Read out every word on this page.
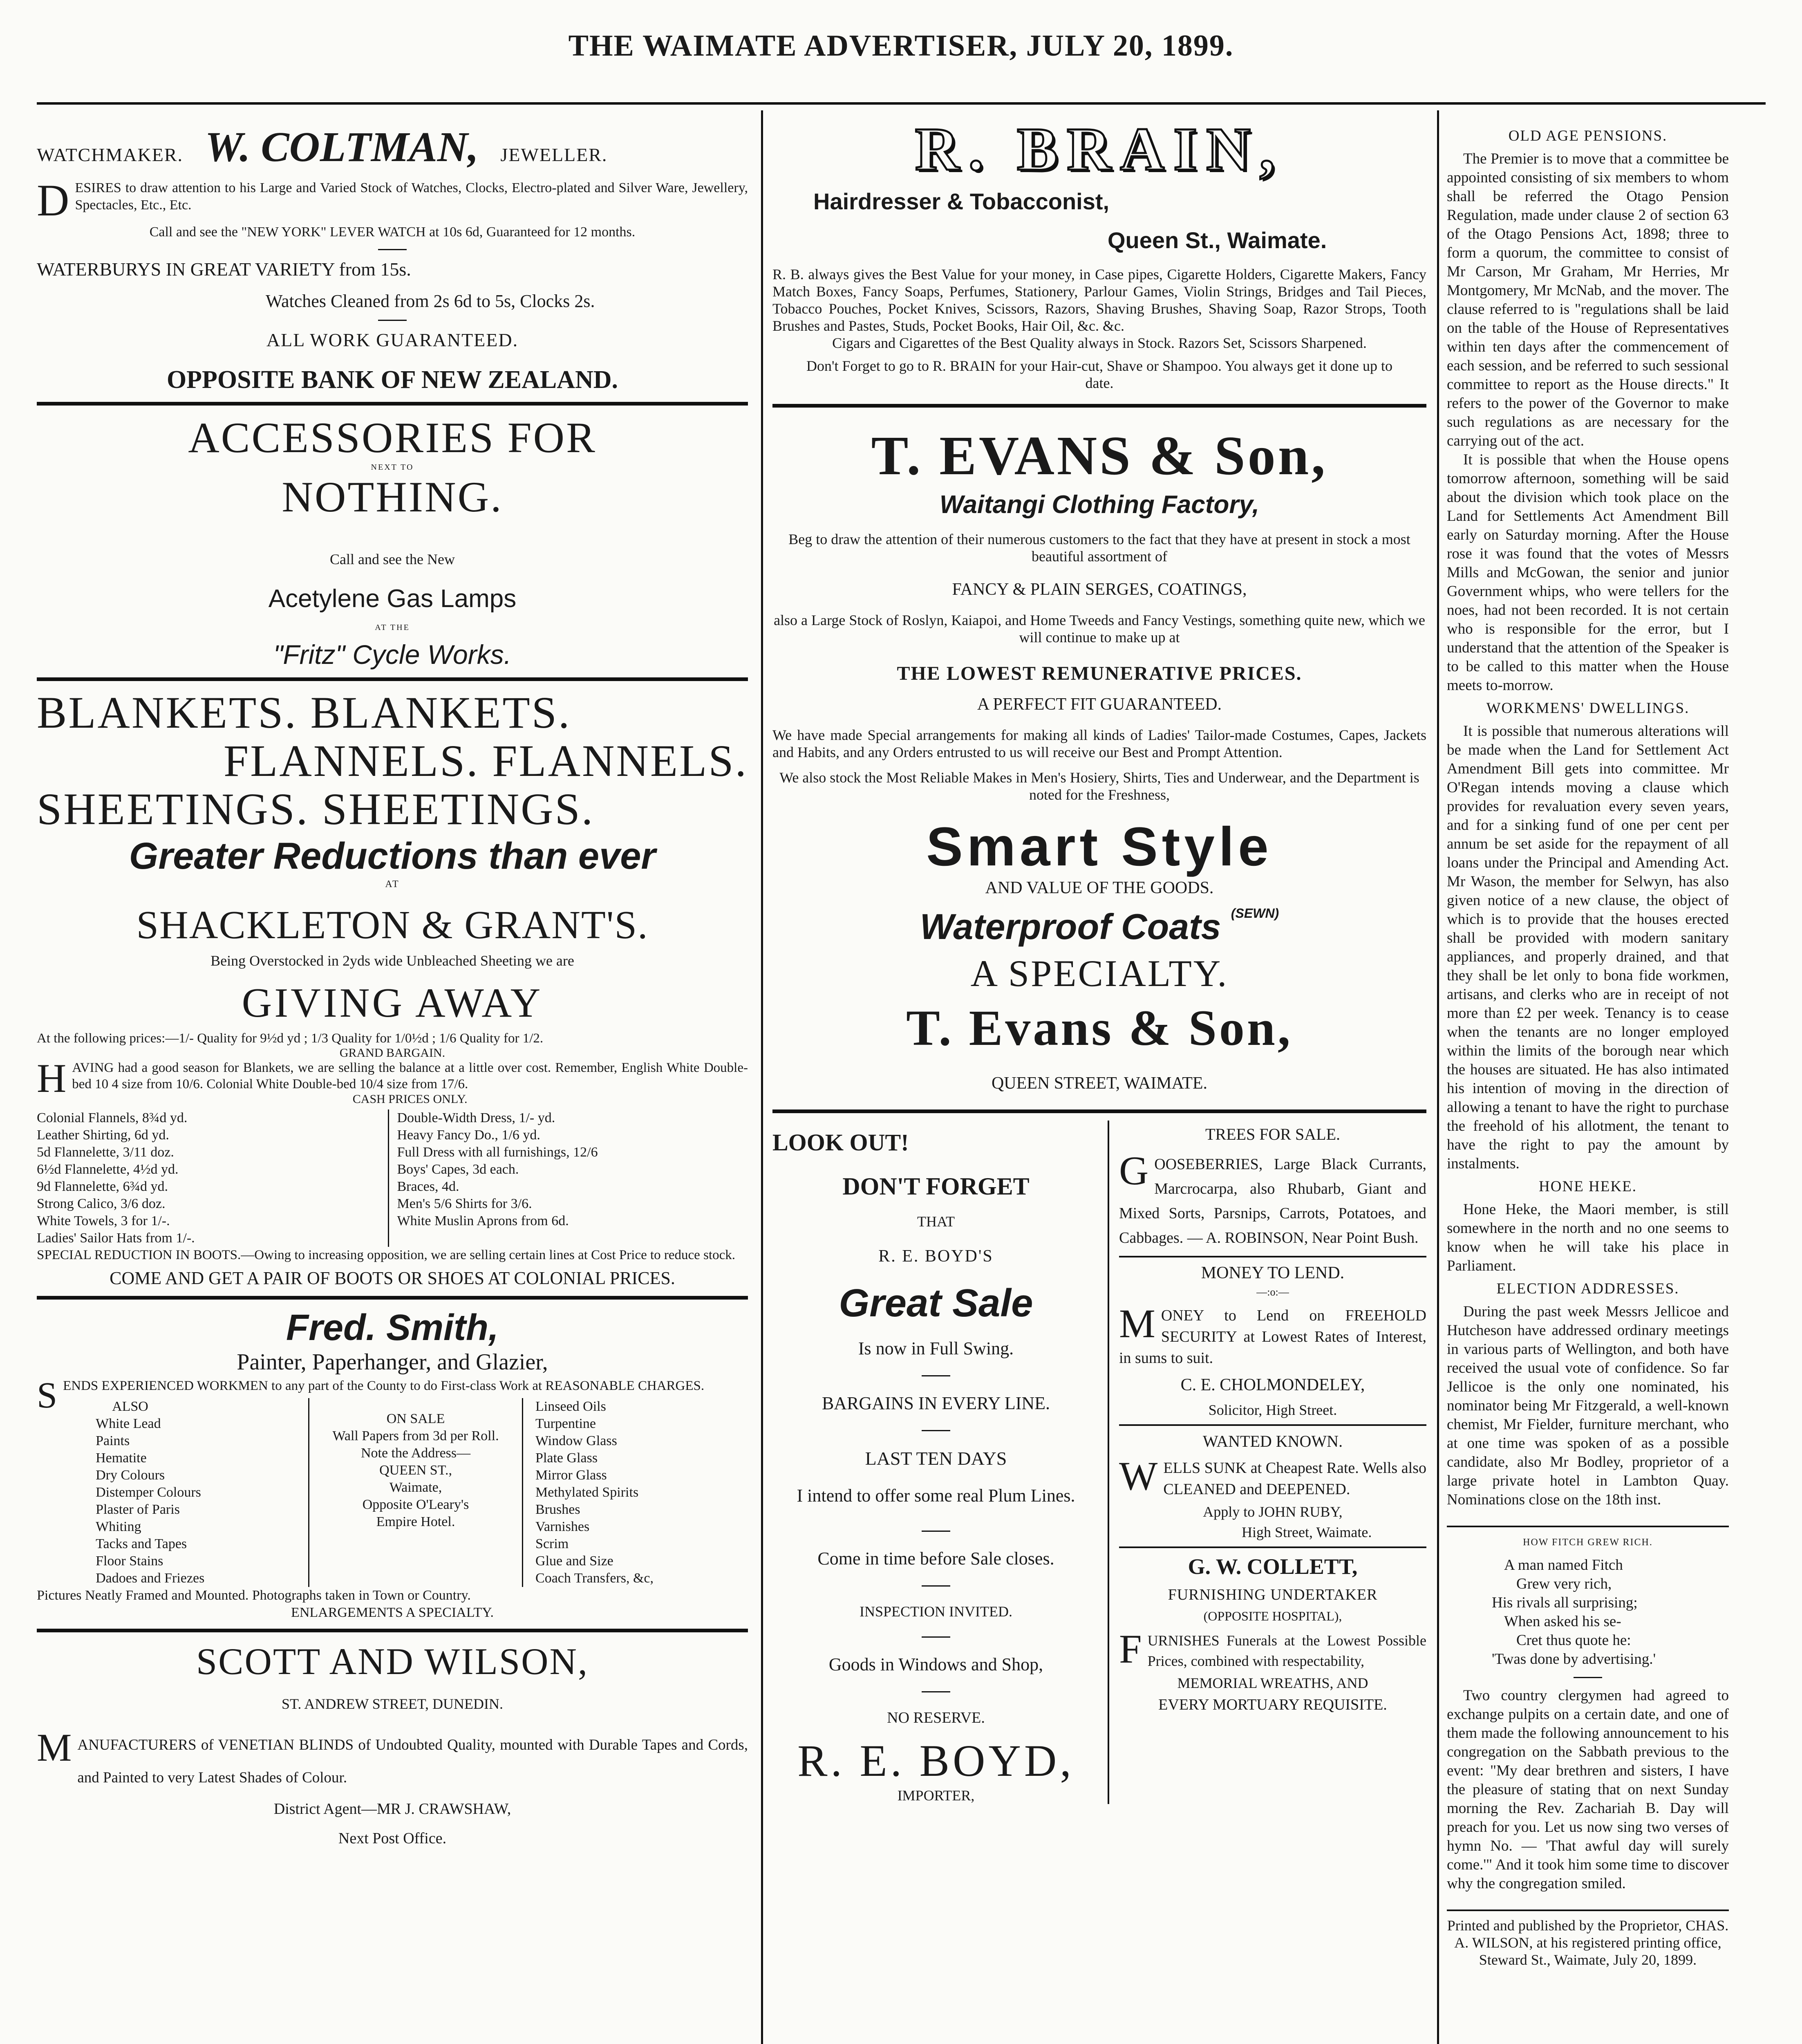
THE WAIMATE ADVERTISER, JULY 20, 1899.

WATCHMAKER. W. COLTMAN, JEWELLER.

D ESIRES to draw attention to his Large and Varied Stock of Watches, Clocks, Electro-plated and Silver Ware, Jewellery, Spectacles, Etc., Etc.

Call and see the "NEW YORK" LEVER WATCH at 10s 6d, Guaranteed for 12 months.

WATERBURYS IN GREAT VARIETY from 15s.

Watches Cleaned from 2s 6d to 5s, Clocks 2s.

ALL WORK GUARANTEED.

OPPOSITE BANK OF NEW ZEALAND.

ACCESSORIES FOR

NEXT TO

NOTHING.

Call and see the New

Acetylene Gas Lamps

AT THE

"Fritz" Cycle Works.

BLANKETS. BLANKETS.

FLANNELS. FLANNELS.

SHEETINGS. SHEETINGS.

Greater Reductions than ever

AT

SHACKLETON & GRANT'S.

Being Overstocked in 2yds wide Unbleached Sheeting we are

GIVING AWAY

At the following prices:—1/- Quality for 9½d yd ; 1/3 Quality for 1/0½d ; 1/6 Quality for 1/2.

GRAND BARGAIN.

H AVING had a good season for Blankets, we are selling the balance at a little over cost. Remember, English White Double-bed 10 4 size from 10/6. Colonial White Double-bed 10/4 size from 17/6.

CASH PRICES ONLY.

Colonial Flannels, 8¾d yd.

Leather Shirting, 6d yd.

5d Flannelette, 3/11 doz.

6½d Flannelette, 4½d yd.

9d Flannelette, 6¾d yd.

Strong Calico, 3/6 doz.

White Towels, 3 for 1/-.

Ladies' Sailor Hats from 1/-.

Double-Width Dress, 1/- yd.

Heavy Fancy Do., 1/6 yd.

Full Dress with all furnishings, 12/6

Boys' Capes, 3d each.

Braces, 4d.

Men's 5/6 Shirts for 3/6.

White Muslin Aprons from 6d.

SPECIAL REDUCTION IN BOOTS.—Owing to increasing opposition, we are selling certain lines at Cost Price to reduce stock.

COME AND GET A PAIR OF BOOTS OR SHOES AT COLONIAL PRICES.

Fred. Smith,

Painter, Paperhanger, and Glazier,

S ENDS EXPERIENCED WORKMEN to any part of the County to do First-class Work at REASONABLE CHARGES.

ALSO

White Lead

Paints

Hematite

Dry Colours

Distemper Colours

Plaster of Paris

Whiting

Tacks and Tapes

Floor Stains

Dadoes and Friezes

ON SALE

Wall Papers from 3d per Roll.

Note the Address—

QUEEN ST.,

Waimate,

Opposite O'Leary's

Empire Hotel.

Linseed Oils

Turpentine

Window Glass

Plate Glass

Mirror Glass

Methylated Spirits

Brushes

Varnishes

Scrim

Glue and Size

Coach Transfers, &c,

Pictures Neatly Framed and Mounted. Photographs taken in Town or Country.

ENLARGEMENTS A SPECIALTY.

SCOTT AND WILSON,

ST. ANDREW STREET, DUNEDIN.

M ANUFACTURERS of VENETIAN BLINDS of Undoubted Quality, mounted with Durable Tapes and Cords, and Painted to very Latest Shades of Colour.

District Agent—MR J. CRAWSHAW,

Next Post Office.

R. BRAIN,

Hairdresser & Tobacconist,

Queen St., Waimate.

R. B. always gives the Best Value for your money, in Case pipes, Cigarette Holders, Cigarette Makers, Fancy Match Boxes, Fancy Soaps, Perfumes, Stationery, Parlour Games, Violin Strings, Bridges and Tail Pieces, Tobacco Pouches, Pocket Knives, Scissors, Razors, Shaving Brushes, Shaving Soap, Razor Strops, Tooth Brushes and Pastes, Studs, Pocket Books, Hair Oil, &c. &c.

Cigars and Cigarettes of the Best Quality always in Stock. Razors Set, Scissors Sharpened.

Don't Forget to go to R. BRAIN for your Hair-cut, Shave or Shampoo. You always get it done up to date.

T. EVANS & Son,

Waitangi Clothing Factory,

Beg to draw the attention of their numerous customers to the fact that they have at present in stock a most beautiful assortment of

FANCY & PLAIN SERGES, COATINGS,

also a Large Stock of Roslyn, Kaiapoi, and Home Tweeds and Fancy Vestings, something quite new, which we will continue to make up at

THE LOWEST REMUNERATIVE PRICES.

A PERFECT FIT GUARANTEED.

We have made Special arrangements for making all kinds of Ladies' Tailor-made Costumes, Capes, Jackets and Habits, and any Orders entrusted to us will receive our Best and Prompt Attention.

We also stock the Most Reliable Makes in Men's Hosiery, Shirts, Ties and Underwear, and the Department is noted for the Freshness,

Smart Style

AND VALUE OF THE GOODS.

Waterproof Coats $^{(SEWN)}$

A SPECIALTY.

T. Evans & Son,

QUEEN STREET, WAIMATE.

LOOK OUT!

DON'T FORGET

THAT

R. E. BOYD'S

Great Sale

Is now in Full Swing.

BARGAINS IN EVERY LINE.

LAST TEN DAYS

I intend to offer some real Plum Lines.

Come in time before Sale closes.

INSPECTION INVITED.

Goods in Windows and Shop,

NO RESERVE.

R. E. BOYD,

IMPORTER,

TREES FOR SALE.

G OOSEBERRIES, Large Black Currants, Marcrocarpa, also Rhubarb, Giant and Mixed Sorts, Parsnips, Carrots, Potatoes, and Cabbages. — A. ROBINSON, Near Point Bush.

MONEY TO LEND.

—:o:—

M ONEY to Lend on FREEHOLD SECURITY at Lowest Rates of Interest, in sums to suit.

C. E. CHOLMONDELEY,

Solicitor, High Street.

WANTED KNOWN.

W ELLS SUNK at Cheapest Rate. Wells also CLEANED and DEEPENED.

Apply to JOHN RUBY,

High Street, Waimate.

G. W. COLLETT,

FURNISHING UNDERTAKER

(OPPOSITE HOSPITAL),

F URNISHES Funerals at the Lowest Possible Prices, combined with respectability,

MEMORIAL WREATHS, AND

EVERY MORTUARY REQUISITE.

OLD AGE PENSIONS.

The Premier is to move that a committee be appointed consisting of six members to whom shall be referred the Otago Pension Regulation, made under clause 2 of section 63 of the Otago Pensions Act, 1898; three to form a quorum, the committee to consist of Mr Carson, Mr Graham, Mr Herries, Mr Montgomery, Mr McNab, and the mover. The clause referred to is "regulations shall be laid on the table of the House of Representatives within ten days after the commencement of each session, and be referred to such sessional committee to report as the House directs." It refers to the power of the Governor to make such regulations as are necessary for the carrying out of the act.

It is possible that when the House opens tomorrow afternoon, something will be said about the division which took place on the Land for Settlements Act Amendment Bill early on Saturday morning. After the House rose it was found that the votes of Messrs Mills and McGowan, the senior and junior Government whips, who were tellers for the noes, had not been recorded. It is not certain who is responsible for the error, but I understand that the attention of the Speaker is to be called to this matter when the House meets to-morrow.

WORKMENS' DWELLINGS.

It is possible that numerous alterations will be made when the Land for Settlement Act Amendment Bill gets into committee. Mr O'Regan intends moving a clause which provides for revaluation every seven years, and for a sinking fund of one per cent per annum be set aside for the repayment of all loans under the Principal and Amending Act. Mr Wason, the member for Selwyn, has also given notice of a new clause, the object of which is to provide that the houses erected shall be provided with modern sanitary appliances, and properly drained, and that they shall be let only to bona fide workmen, artisans, and clerks who are in receipt of not more than £2 per week. Tenancy is to cease when the tenants are no longer employed within the limits of the borough near which the houses are situated. He has also intimated his intention of moving in the direction of allowing a tenant to have the right to purchase the freehold of his allotment, the tenant to have the right to pay the amount by instalments.

HONE HEKE.

Hone Heke, the Maori member, is still somewhere in the north and no one seems to know when he will take his place in Parliament.

ELECTION ADDRESSES.

During the past week Messrs Jellicoe and Hutcheson have addressed ordinary meetings in various parts of Wellington, and both have received the usual vote of confidence. So far Jellicoe is the only one nominated, his nominator being Mr Fitzgerald, a well-known chemist, Mr Fielder, furniture merchant, who at one time was spoken of as a possible candidate, also Mr Bodley, proprietor of a large private hotel in Lambton Quay. Nominations close on the 18th inst.

HOW FITCH GREW RICH.

A man named Fitch

Grew very rich,

His rivals all surprising;

When asked his se-

Cret thus quote he:

'Twas done by advertising.'

Two country clergymen had agreed to exchange pulpits on a certain date, and one of them made the following announcement to his congregation on the Sabbath previous to the event: "My dear brethren and sisters, I have the pleasure of stating that on next Sunday morning the Rev. Zachariah B. Day will preach for you. Let us now sing two verses of hymn No. — 'That awful day will surely come.'" And it took him some time to discover why the congregation smiled.

Printed and published by the Proprietor, CHAS. A. WILSON, at his registered printing office, Steward St., Waimate, July 20, 1899.
